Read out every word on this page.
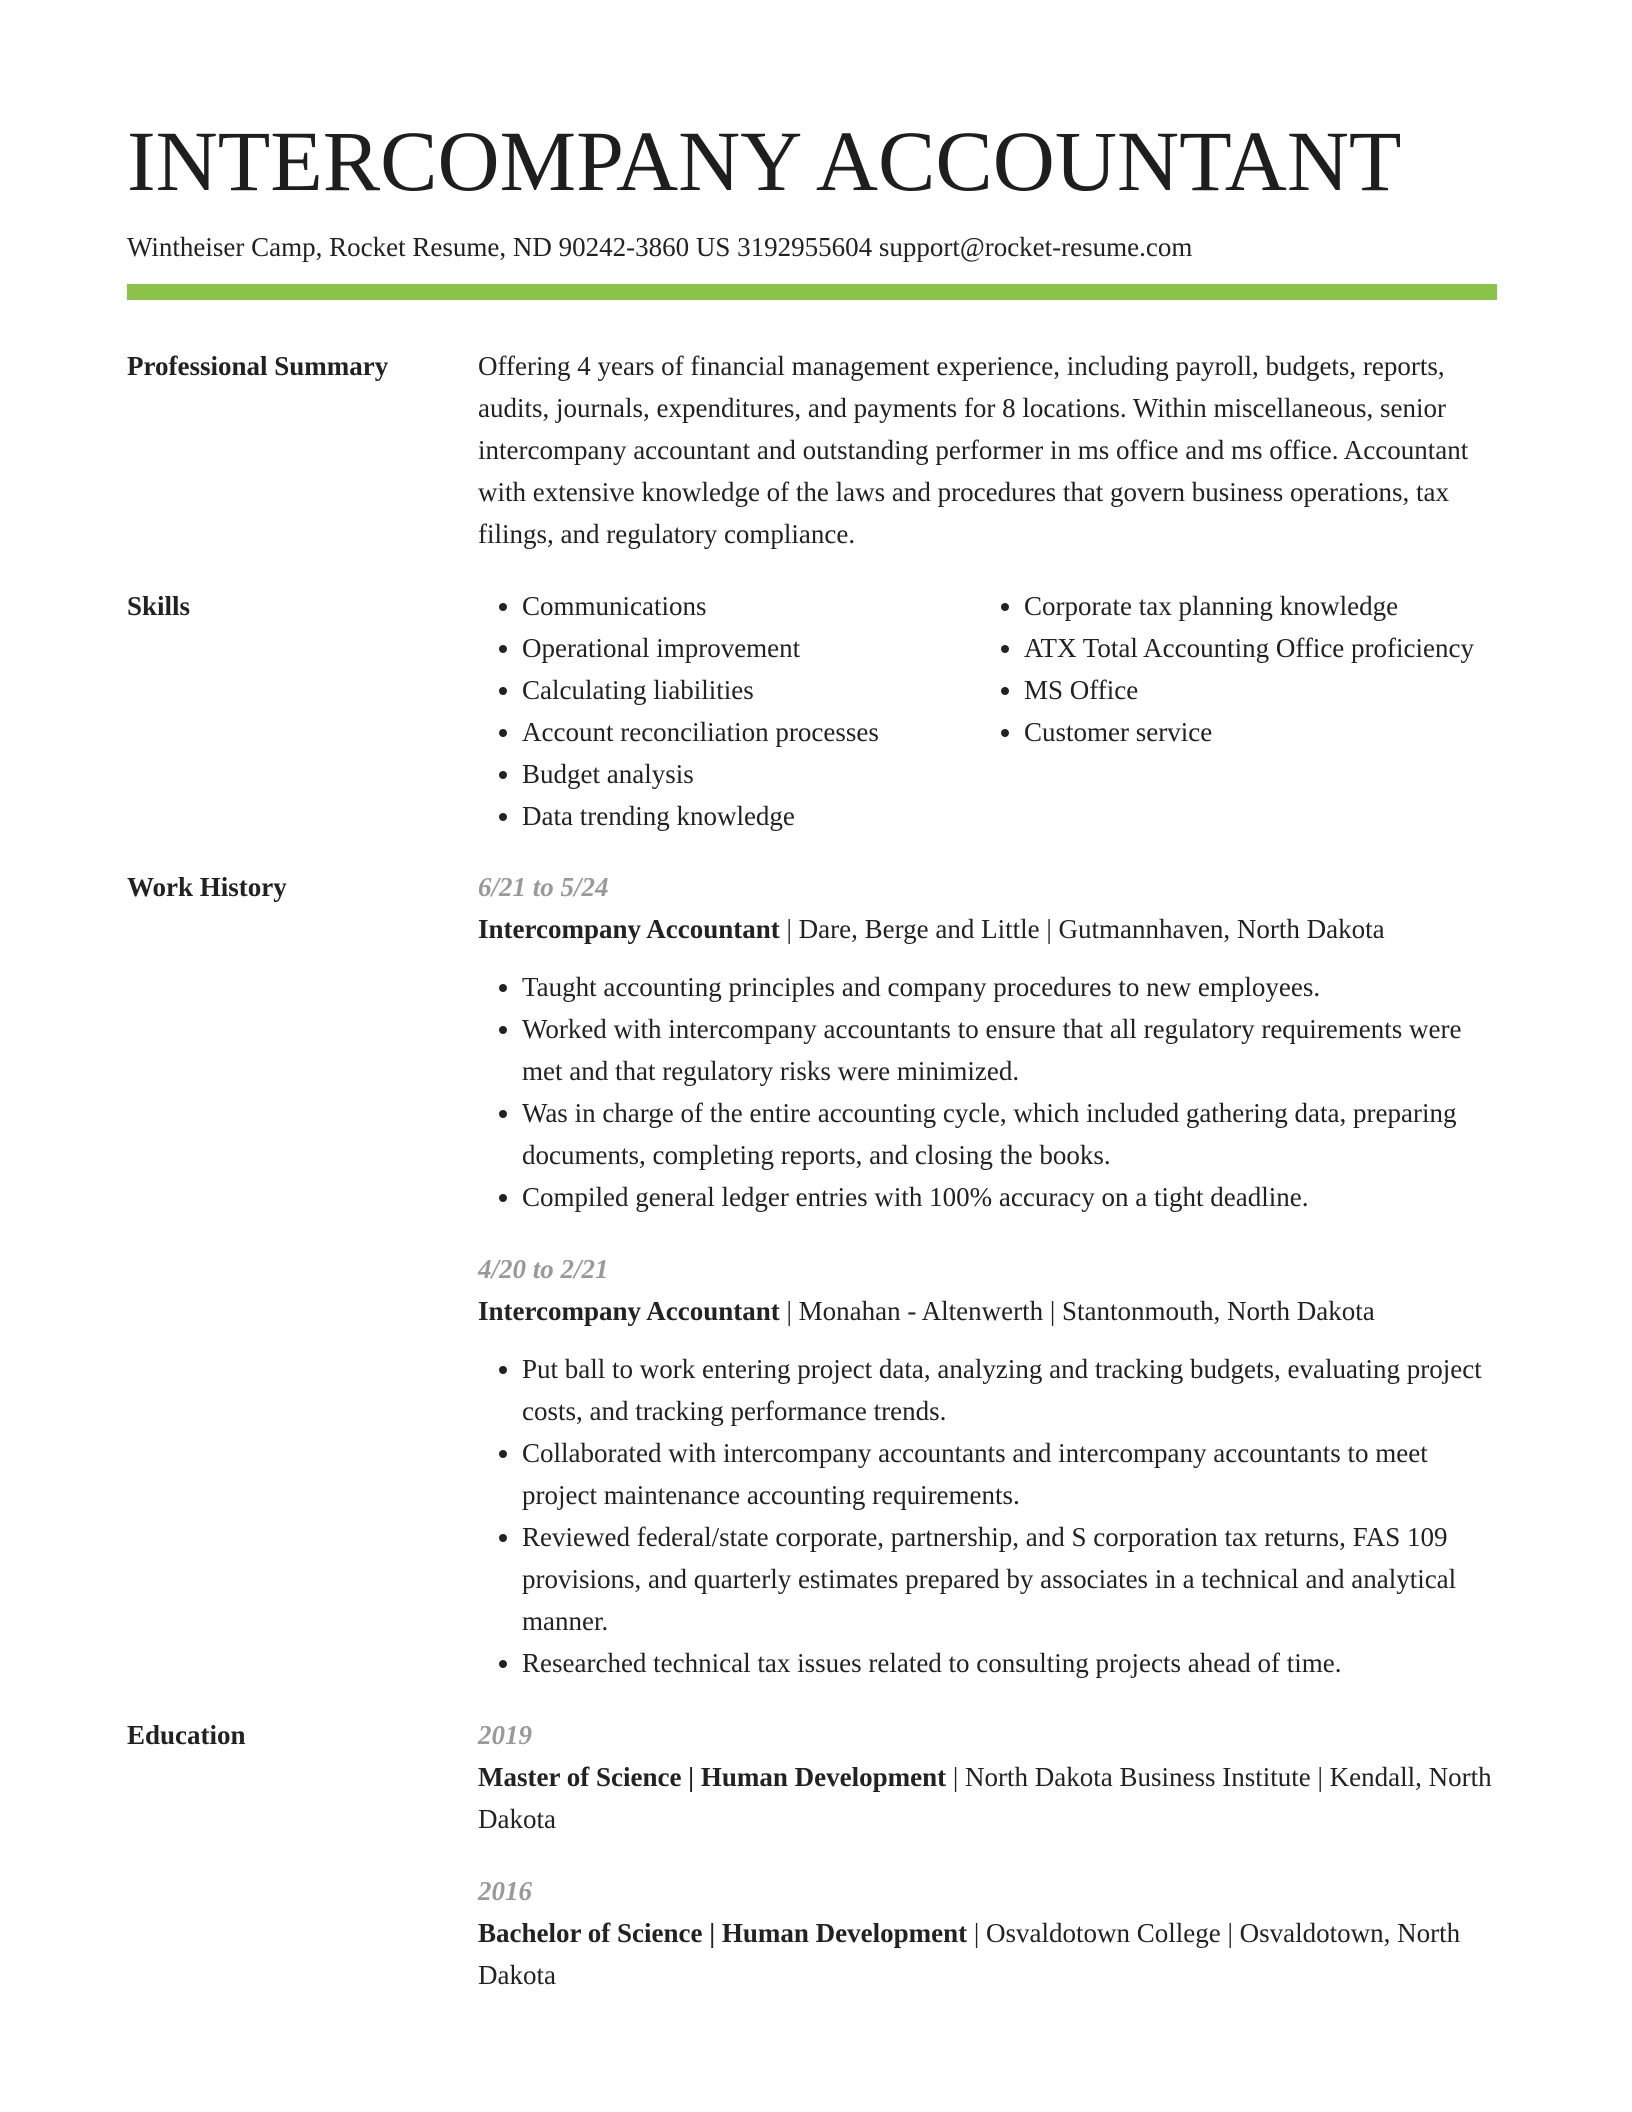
INTERCOMPANY ACCOUNTANT
Wintheiser Camp, Rocket Resume, ND 90242-3860 US 3192955604 support@rocket-resume.com
Professional Summary	Offering 4 years of financial management experience, including payroll, budgets, reports, audits, journals, expenditures, and payments for 8 locations. Within miscellaneous, senior intercompany accountant and outstanding performer in ms office and ms office. Accountant with extensive knowledge of the laws and procedures that govern business operations, tax filings, and regulatory compliance.

Skills
•	Communications
• Operational improvement
• Calculating liabilities
• Account reconciliation processes
• Budget analysis
• Data trending knowledge
• Corporate tax planning knowledge
• ATX Total Accounting Office proficiency
• MS Office
• Customer service
Work History	6/21 to 5/24
Intercompany Accountant | Dare, Berge and Little | Gutmannhaven, North Dakota
• Taught accounting principles and company procedures to new employees.
• Worked with intercompany accountants to ensure that all regulatory requirements were met and that regulatory risks were minimized.
• Was in charge of the entire accounting cycle, which included gathering data, preparing documents, completing reports, and closing the books.
• Compiled general ledger entries with 100% accuracy on a tight deadline.
4/20 to 2/21
Intercompany Accountant | Monahan - Altenwerth | Stantonmouth, North Dakota
• Put ball to work entering project data, analyzing and tracking budgets, evaluating project costs, and tracking performance trends.
• Collaborated with intercompany accountants and intercompany accountants to meet project maintenance accounting requirements.
• Reviewed federal/state corporate, partnership, and S corporation tax returns, FAS 109 provisions, and quarterly estimates prepared by associates in a technical and analytical manner.
• Researched technical tax issues related to consulting projects ahead of time.
Education	2019
Master of Science | Human Development | North Dakota Business Institute | Kendall, North Dakota
2016
Bachelor of Science | Human Development | Osvaldotown College | Osvaldotown, North Dakota
